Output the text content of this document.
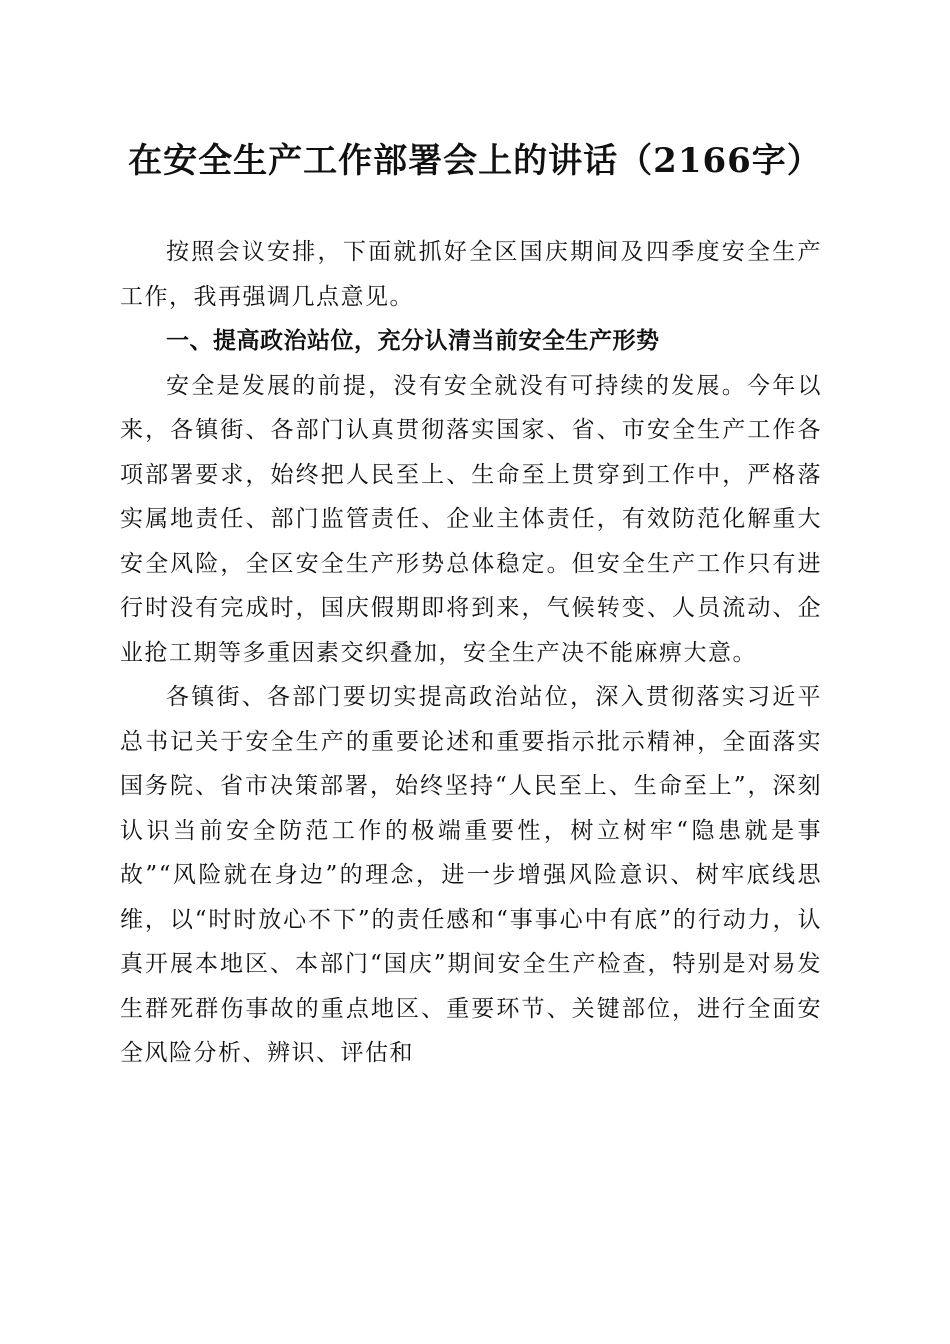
在安全生产工作部署会上的讲话（2166字）

按照会议安排，下面就抓好全区国庆期间及四季度安全生产工作，我再强调几点意见。

一、提高政治站位，充分认清当前安全生产形势

安全是发展的前提，没有安全就没有可持续的发展。今年以来，各镇街、各部门认真贯彻落实国家、省、市安全生产工作各项部署要求，始终把人民至上、生命至上贯穿到工作中，严格落实属地责任、部门监管责任、企业主体责任，有效防范化解重大安全风险，全区安全生产形势总体稳定。但安全生产工作只有进行时没有完成时，国庆假期即将到来，气候转变、人员流动、企业抢工期等多重因素交织叠加，安全生产决不能麻痹大意。

各镇街、各部门要切实提高政治站位，深入贯彻落实习近平总书记关于安全生产的重要论述和重要指示批示精神，全面落实国务院、省市决策部署，始终坚持“人民至上、生命至上”，深刻认识当前安全防范工作的极端重要性，树立树牢“隐患就是事故”“风险就在身边”的理念，进一步增强风险意识、树牢底线思维，以“时时放心不下”的责任感和“事事心中有底”的行动力，认真开展本地区、本部门“国庆”期间安全生产检查，特别是对易发生群死群伤事故的重点地区、重要环节、关键部位，进行全面安全风险分析、辨识、评估和
